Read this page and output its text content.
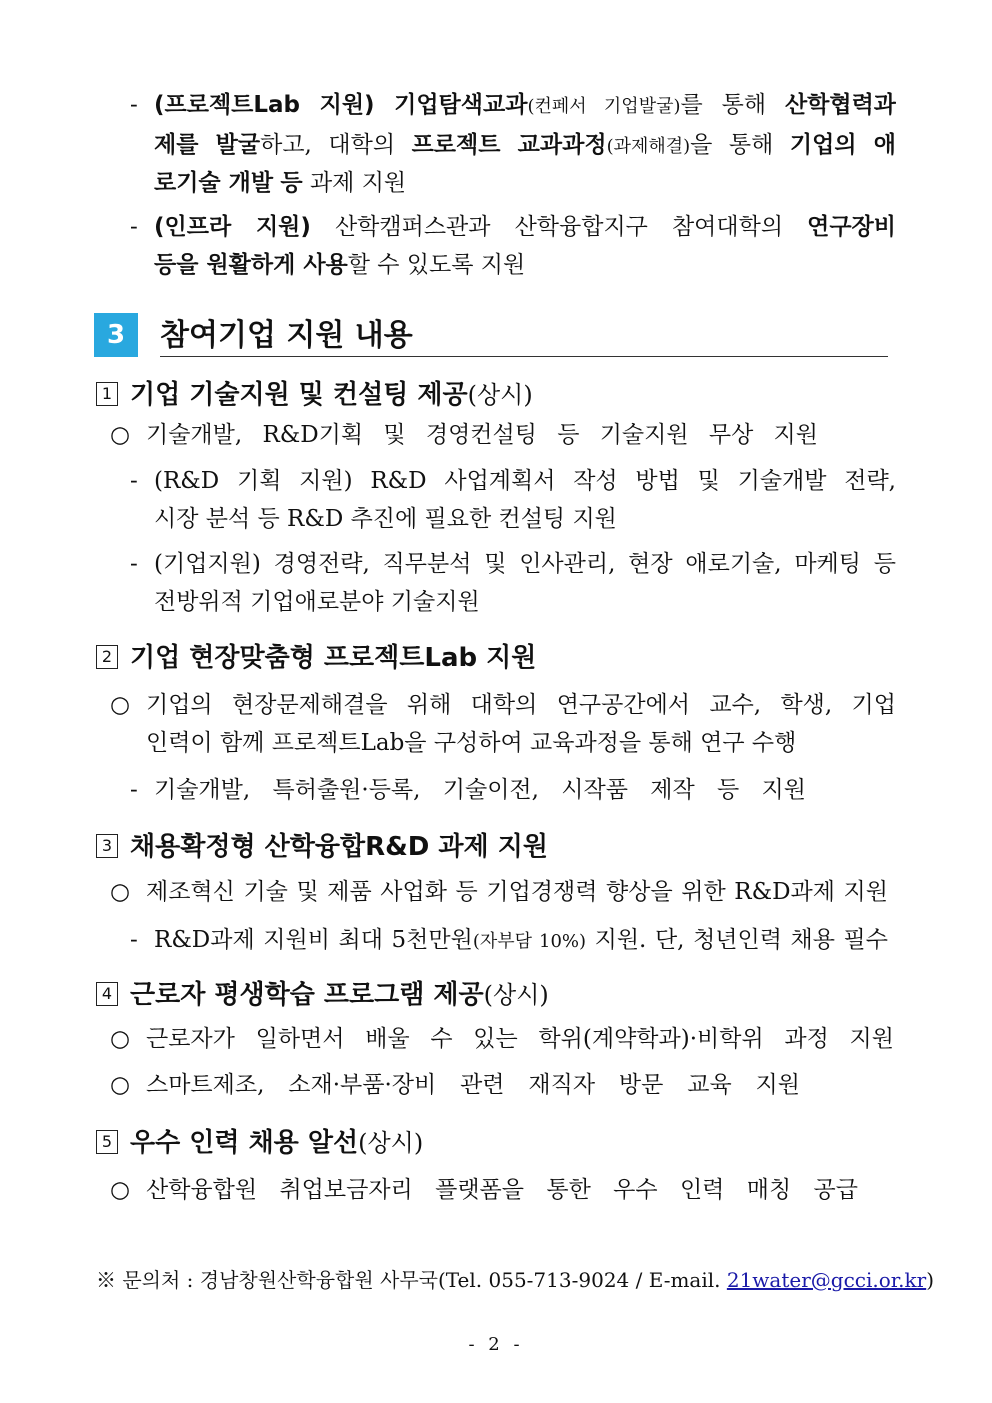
- (프로젝트Lab 지원) 기업탐색교과(컨페서 기업발굴)를 통해 산학협력과
제를 발굴하고, 대학의 프로젝트 교과과정(과제해결)을 통해 기업의 애
로기술 개발 등 과제 지원
- (인프라 지원) 산학캠퍼스관과 산학융합지구 참여대학의 연구장비
등을 원활하게 사용할 수 있도록 지원
3	참여기업 지원 내용
1 기업 기술지원 및 컨설팅 제공(상시)
○ 기술개발, R&D기획 및 경영컨설팅 등 기술지원 무상 지원
- (R&D 기획 지원) R&D 사업계획서 작성 방법 및 기술개발 전략,
시장 분석 등 R&D 추진에 필요한 컨설팅 지원
- (기업지원) 경영전략, 직무분석 및 인사관리, 현장 애로기술, 마케팅 등
전방위적 기업애로분야 기술지원
2 기업 현장맞춤형 프로젝트Lab 지원
○ 기업의 현장문제해결을 위해 대학의 연구공간에서 교수, 학생, 기업
인력이 함께 프로젝트Lab을 구성하여 교육과정을 통해 연구 수행
- 기술개발, 특허출원·등록, 기술이전, 시작품 제작 등 지원
3 채용확정형 산학융합R&D 과제 지원
○ 제조혁신 기술 및 제품 사업화 등 기업경쟁력 향상을 위한 R&D과제 지원
- R&D과제 지원비 최대 5천만원(자부담 10%) 지원. 단, 청년인력 채용 필수
4 근로자 평생학습 프로그램 제공(상시)
○ 근로자가 일하면서 배울 수 있는 학위(계약학과)·비학위 과정 지원
○ 스마트제조, 소재·부품·장비 관련 재직자 방문 교육 지원
5 우수 인력 채용 알선(상시)
○ 산학융합원 취업보금자리 플랫폼을 통한 우수 인력 매칭 공급
※ 문의처 : 경남창원산학융합원 사무국(Tel. 055-713-9024 / E-mail. 21water@gcci.or.kr)
- 2 -
